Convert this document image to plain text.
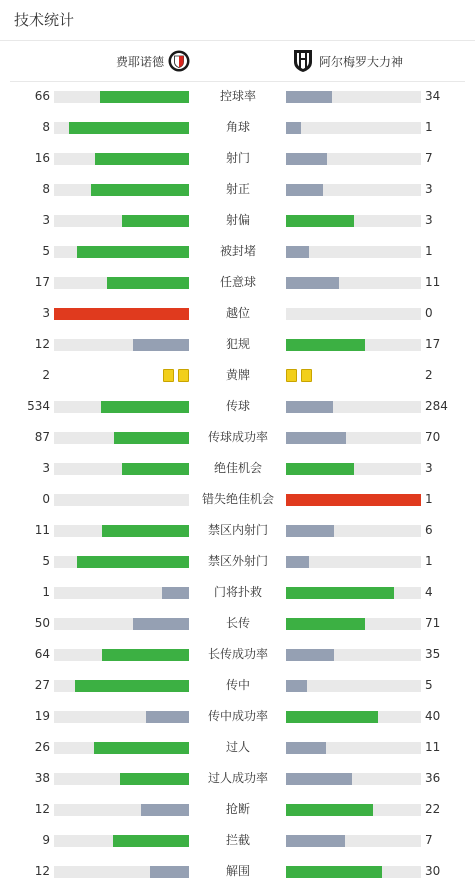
技术统计
费耶诺德	阿尔梅罗大力神
66	控球率	34
8	角球	1
16	射门	7
8	射正	3
3	射偏	3
5	被封堵	1
17	任意球	11
3	越位	0
12	犯规	17
2	黄牌	2
534	传球	284
87	传球成功率	70
3	绝佳机会	3
0	错失绝佳机会	1
11	禁区内射门	6
5	禁区外射门	1
1	门将扑救	4
50	长传	71
64	长传成功率	35
27	传中	5
19	传中成功率	40
26	过人	11
38	过人成功率	36
12	抢断	22
9	拦截	7
12	解围	30
